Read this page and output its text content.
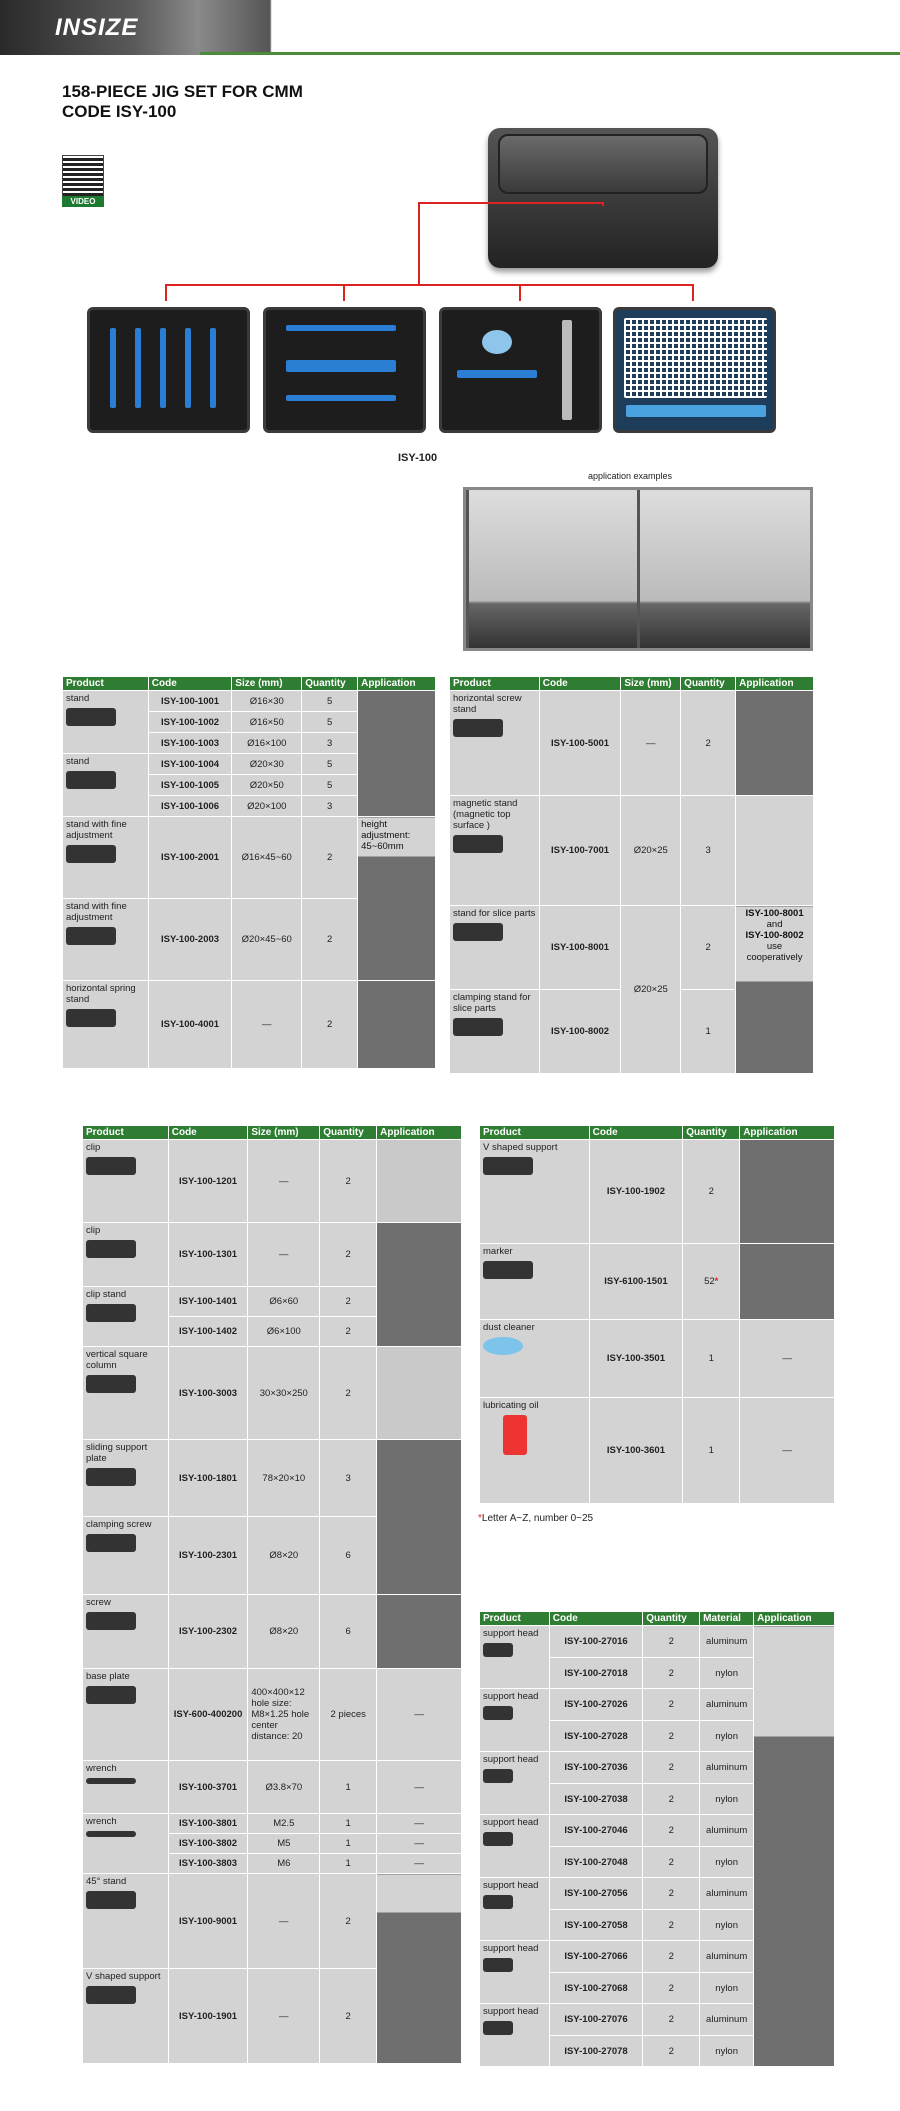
INSIZE
158-PIECE JIG SET FOR CMM
CODE ISY-100
VIDEO
ISY-100
application examples
Product	Code	Size (mm)	Quantity	Application
stand	ISY-100-1001	Ø16×30	5	
	ISY-100-1002	Ø16×50	5	
	ISY-100-1003	Ø16×100	3	
stand	ISY-100-1004	Ø20×30	5	
	ISY-100-1005	Ø20×50	5	
	ISY-100-1006	Ø20×100	3	
stand with fine adjustment	ISY-100-2001	Ø16×45~60	2	height adjustment: 45~60mm
stand with fine adjustment	ISY-100-2003	Ø20×45~60	2	
horizontal spring stand	ISY-100-4001	—	2	
Product	Code	Size (mm)	Quantity	Application
horizontal screw stand	ISY-100-5001	—	2	
magnetic stand (magnetic top surface )	ISY-100-7001	Ø20×25	3	
stand for slice parts	ISY-100-8001	Ø20×25	2	ISY-100-8001
and
ISY-100-8002
use cooperatively
clamping stand for slice parts	ISY-100-8002		1	
Product	Code	Size (mm)	Quantity	Application
clip	ISY-100-1201	—	2	
clip	ISY-100-1301	—	2	
clip stand	ISY-100-1401	Ø6×60	2	
	ISY-100-1402	Ø6×100	2	
vertical square column	ISY-100-3003	30×30×250	2	
sliding support plate	ISY-100-1801	78×20×10	3	
clamping screw	ISY-100-2301	Ø8×20	6	
screw	ISY-100-2302	Ø8×20	6	
base plate	ISY-600-400200	400×400×12 hole size: M8×1.25 hole center distance: 20	2 pieces	—
wrench	ISY-100-3701	Ø3.8×70	1	—
wrench	ISY-100-3801	M2.5	1	—
	ISY-100-3802	M5	1	—
	ISY-100-3803	M6	1	—
45° stand	ISY-100-9001	—	2	
V shaped support	ISY-100-1901	—	2	
Product	Code	Quantity	Application
V shaped support	ISY-100-1902	2	
marker	ISY-6100-1501	52*	
dust cleaner	ISY-100-3501	1	—
lubricating oil	ISY-100-3601	1	—
*Letter A~Z, number 0~25
Product	Code	Quantity	Material	Application
support head	ISY-100-27016	2	aluminum	
	ISY-100-27018	2	nylon	
support head	ISY-100-27026	2	aluminum	
	ISY-100-27028	2	nylon	
support head	ISY-100-27036	2	aluminum	
	ISY-100-27038	2	nylon	
support head	ISY-100-27046	2	aluminum	
	ISY-100-27048	2	nylon	
support head	ISY-100-27056	2	aluminum	
	ISY-100-27058	2	nylon	
support head	ISY-100-27066	2	aluminum	
	ISY-100-27068	2	nylon	
support head	ISY-100-27076	2	aluminum	
	ISY-100-27078	2	nylon	
